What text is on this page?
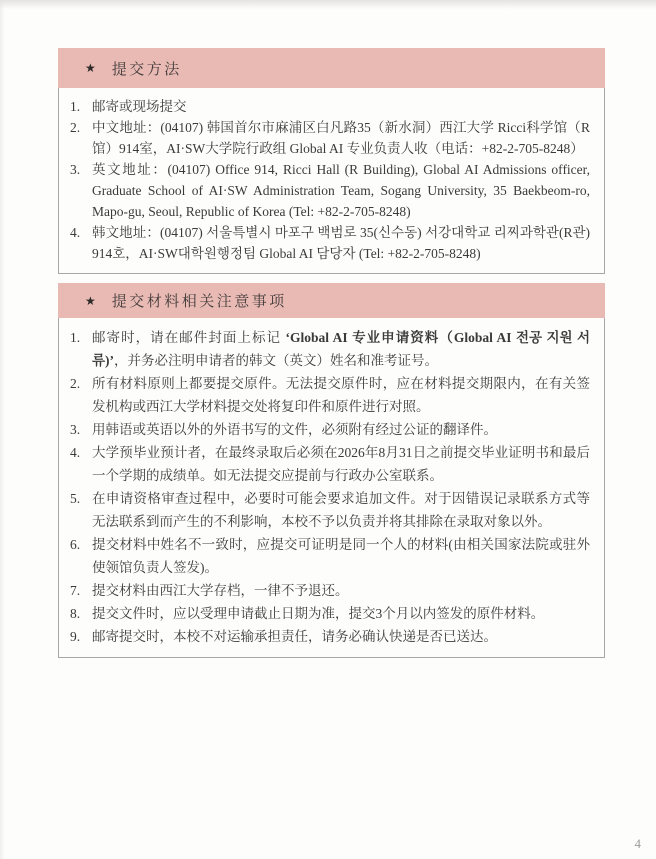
★ 提交方法
1. 邮寄或现场提交
2. 中文地址：(04107) 韩国首尔市麻浦区白凡路35（新水洞）西江大学 Ricci科学馆（R馆）914室，AI·SW大学院行政组 Global AI 专业负责人收（电话：+82-2-705-8248）
3. 英文地址：(04107) Office 914, Ricci Hall (R Building), Global AI Admissions officer, Graduate School of AI·SW Administration Team, Sogang University, 35 Baekbeom-ro, Mapo-gu, Seoul, Republic of Korea (Tel: +82-2-705-8248)
4. 韩文地址：(04107) 서울특별시 마포구 백범로 35(신수동) 서강대학교 리찌과학관(R관) 914호，AI·SW대학원행정팀 Global AI 담당자 (Tel: +82-2-705-8248)
★ 提交材料相关注意事项
1. 邮寄时，请在邮件封面上标记 ‘Global AI 专业申请资料（Global AI 전공 지원 서류)’，并务必注明申请者的韩文（英文）姓名和准考证号。
2. 所有材料原则上都要提交原件。无法提交原件时，应在材料提交期限内，在有关签发机构或西江大学材料提交处将复印件和原件进行对照。
3. 用韩语或英语以外的外语书写的文件，必须附有经过公证的翻译件。
4. 大学预毕业预计者，在最终录取后必须在2026年8月31日之前提交毕业证明书和最后一个学期的成绩单。如无法提交应提前与行政办公室联系。
5. 在申请资格审查过程中，必要时可能会要求追加文件。对于因错误记录联系方式等无法联系到而产生的不利影响，本校不予以负责并将其排除在录取对象以外。
6. 提交材料中姓名不一致时，应提交可证明是同一个人的材料(由相关国家法院或驻外使领馆负责人签发)。
7. 提交材料由西江大学存档，一律不予退还。
8. 提交文件时，应以受理申请截止日期为准，提交3个月以内签发的原件材料。
9. 邮寄提交时，本校不对运输承担责任，请务必确认快递是否已送达。
4
